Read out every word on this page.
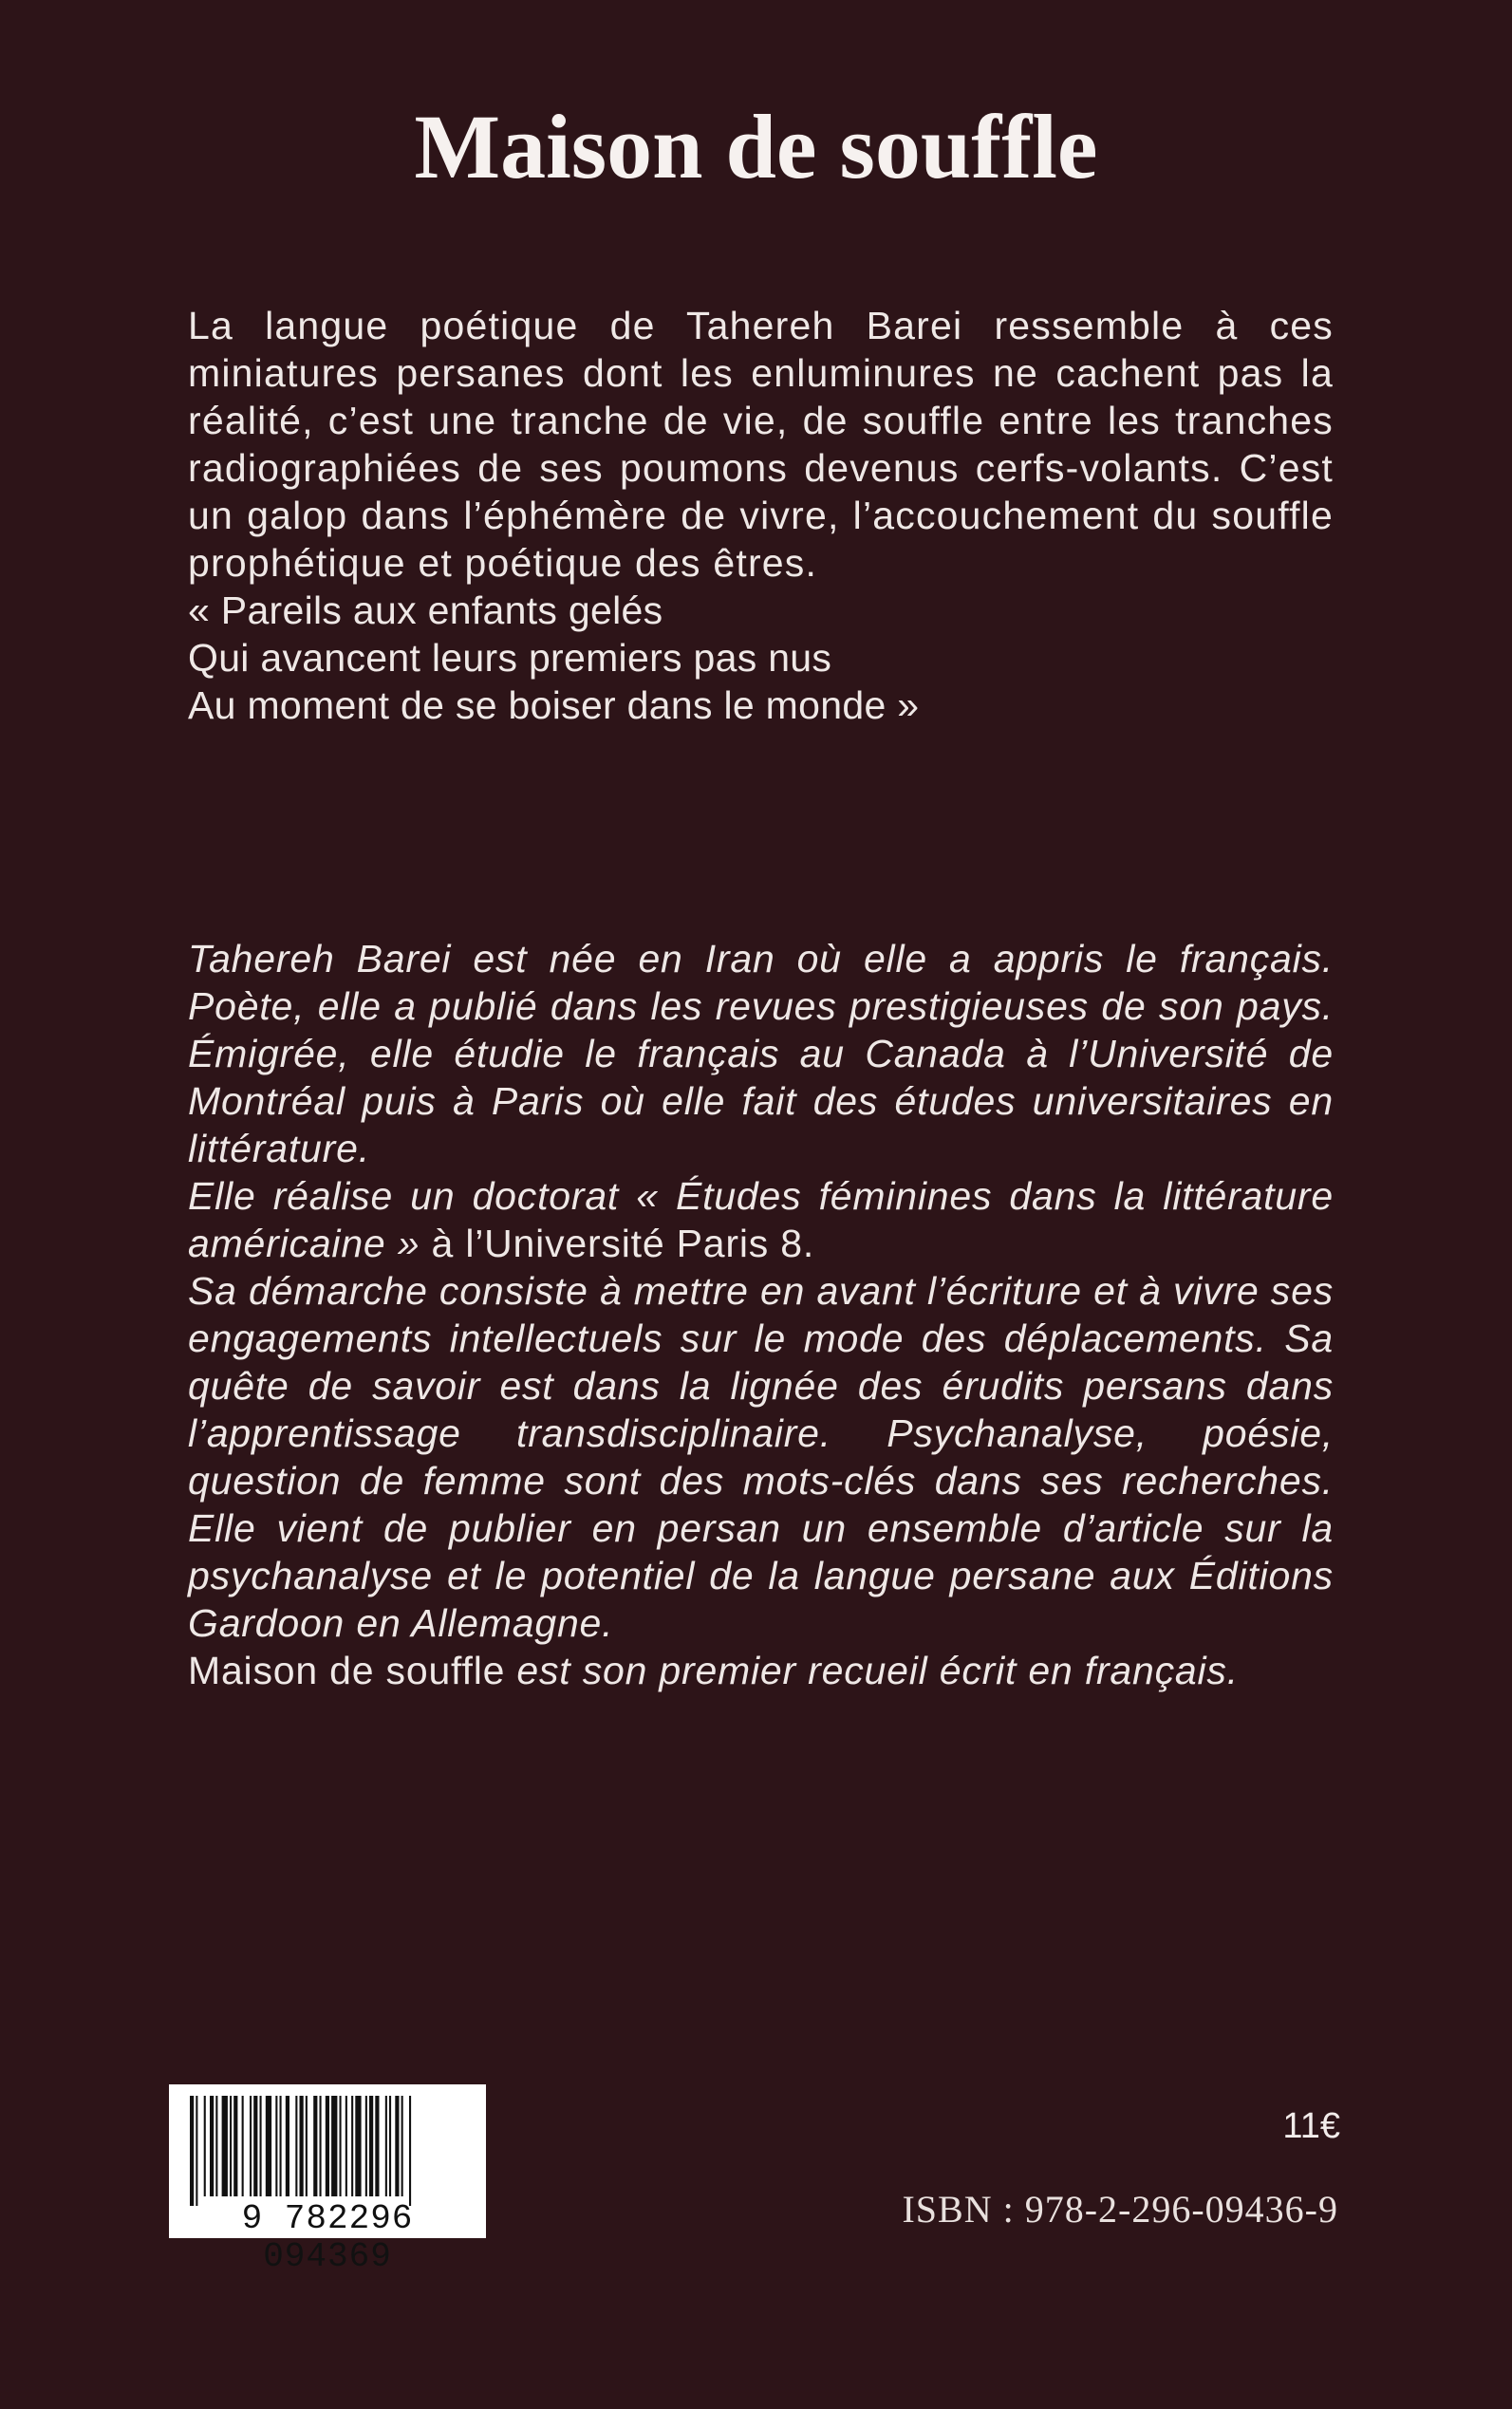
Maison de souffle

La langue poétique de Tahereh Barei ressemble à ces miniatures persanes dont les enluminures ne cachent pas la réalité, c’est une tranche de vie, de souffle entre les tranches radiographiées de ses poumons devenus cerfs-volants. C’est un galop dans l’éphémère de vivre, l’accouchement du souffle prophétique et poétique des êtres.

« Pareils aux enfants gelés

Qui avancent leurs premiers pas nus

Au moment de se boiser dans le monde »

Tahereh Barei est née en Iran où elle a appris le français. Poète, elle a publié dans les revues prestigieuses de son pays. Émigrée, elle étudie le français au Canada à l’Université de Montréal puis à Paris où elle fait des études universitaires en littérature.

Elle réalise un doctorat « Études féminines dans la littérature américaine » à l’Université Paris 8.

Sa démarche consiste à mettre en avant l’écriture et à vivre ses engagements intellectuels sur le mode des déplacements. Sa quête de savoir est dans la lignée des érudits persans dans l’apprentissage transdisciplinaire. Psychanalyse, poésie, question de femme sont des mots-clés dans ses recherches. Elle vient de publier en persan un ensemble d’article sur la psychanalyse et le potentiel de la langue persane aux Éditions Gardoon en Allemagne.

Maison de souffle est son premier recueil écrit en français.

9 782296 094369
11€
ISBN : 978-2-296-09436-9
